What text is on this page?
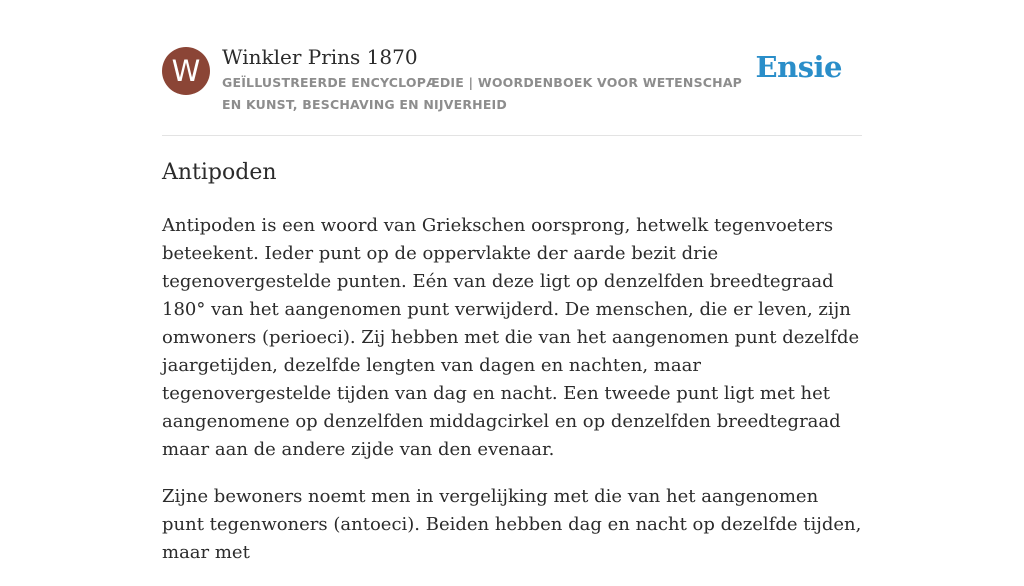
W	Winkler Prins 1870
GEÏLLUSTREERDE ENCYCLOPÆDIE | WOORDENBOEK VOOR WETENSCHAP EN KUNST, BESCHAVING EN NIJVERHEID
Ensie
Antipoden

Antipoden is een woord van Griekschen oorsprong, hetwelk tegenvoeters beteekent. Ieder punt op de oppervlakte der aarde bezit drie tegenovergestelde punten. Eén van deze ligt op denzelfden breedtegraad 180° van het aangenomen punt verwijderd. De menschen, die er leven, zijn omwoners (perioeci). Zij hebben met die van het aangenomen punt dezelfde jaargetijden, dezelfde lengten van dagen en nachten, maar tegenovergestelde tijden van dag en nacht. Een tweede punt ligt met het aangenomene op denzelfden middagcirkel en op denzelfden breedtegraad maar aan de andere zijde van den evenaar.

Zijne bewoners noemt men in vergelijking met die van het aangenomen punt tegenwoners (antoeci). Beiden hebben dag en nacht op dezelfde tijden, maar met
